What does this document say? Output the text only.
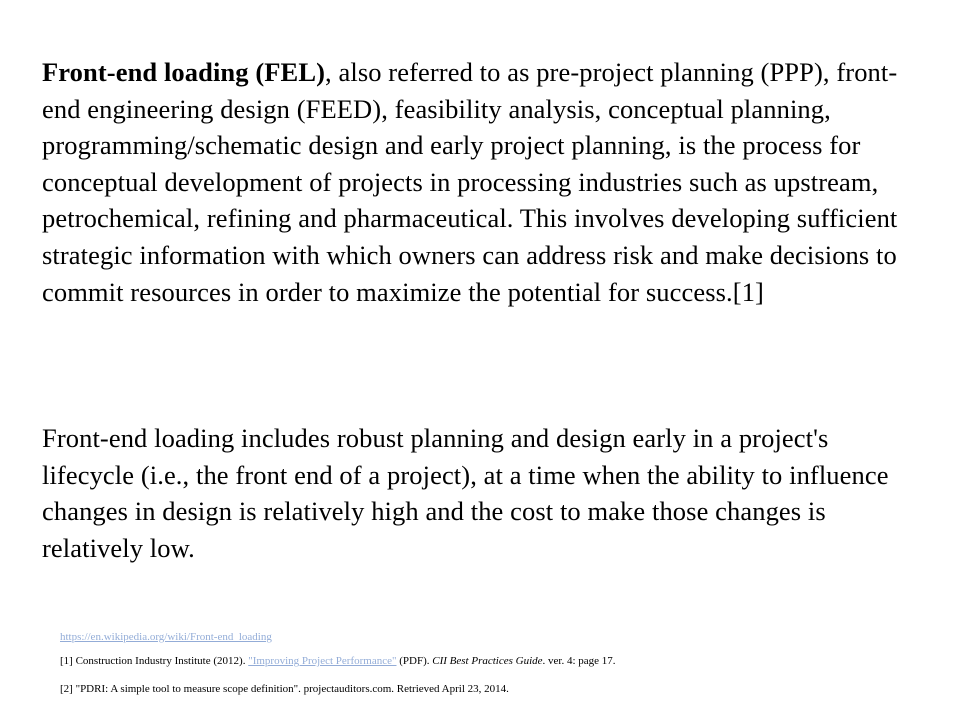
Front-end loading (FEL), also referred to as pre-project planning (PPP), front-end engineering design (FEED), feasibility analysis, conceptual planning, programming/schematic design and early project planning, is the process for conceptual development of projects in processing industries such as upstream, petrochemical, refining and pharmaceutical. This involves developing sufficient strategic information with which owners can address risk and make decisions to commit resources in order to maximize the potential for success.[1]

Front-end loading includes robust planning and design early in a project's lifecycle (i.e., the front end of a project), at a time when the ability to influence changes in design is relatively high and the cost to make those changes is relatively low.

https://en.wikipedia.org/wiki/Front-end_loading

[1] Construction Industry Institute (2012). "Improving Project Performance" (PDF). CII Best Practices Guide. ver. 4: page 17.

[2] "PDRI: A simple tool to measure scope definition". projectauditors.com. Retrieved April 23, 2014.
